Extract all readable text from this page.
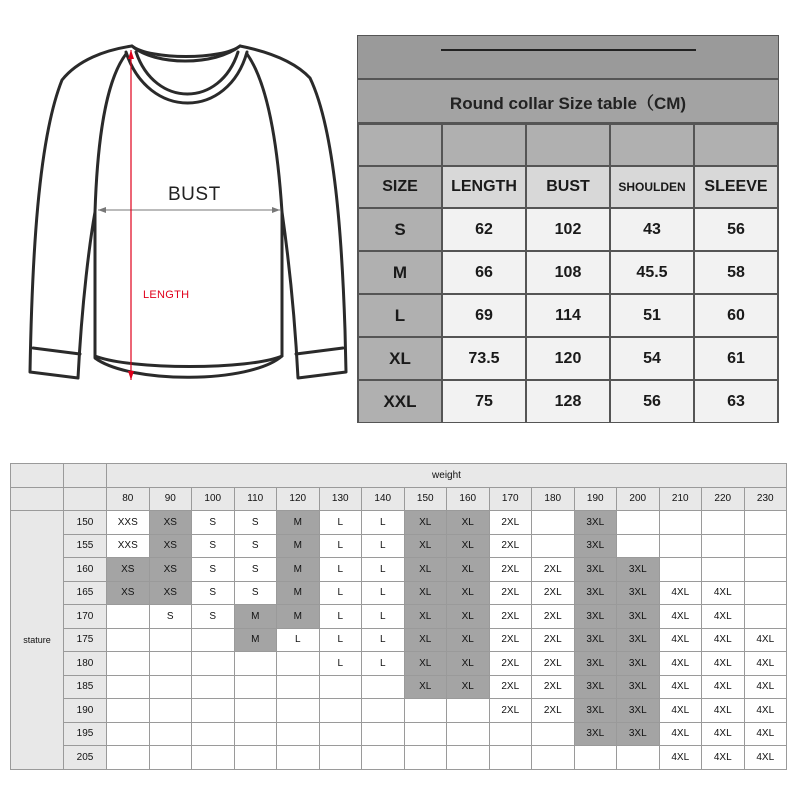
BUST
LENGTH
Round collar Size table（CM)
SIZE	LENGTH	BUST	SHOULDEN	SLEEVE
S	62	102	43	56
M	66	108	45.5	58
L	69	114	51	60
XL	73.5	120	54	61
XXL	75	128	56	63
		weight															
		80	90	100	110	120	130	140	150	160	170	180	190	200	210	220	230
stature	150	XXS	XS	S	S	M	L	L	XL	XL	2XL		3XL				
	155	XXS	XS	S	S	M	L	L	XL	XL	2XL		3XL				
	160	XS	XS	S	S	M	L	L	XL	XL	2XL	2XL	3XL	3XL			
	165	XS	XS	S	S	M	L	L	XL	XL	2XL	2XL	3XL	3XL	4XL	4XL	
	170		S	S	M	M	L	L	XL	XL	2XL	2XL	3XL	3XL	4XL	4XL	
	175				M	L	L	L	XL	XL	2XL	2XL	3XL	3XL	4XL	4XL	4XL
	180						L	L	XL	XL	2XL	2XL	3XL	3XL	4XL	4XL	4XL
	185								XL	XL	2XL	2XL	3XL	3XL	4XL	4XL	4XL
	190										2XL	2XL	3XL	3XL	4XL	4XL	4XL
	195												3XL	3XL	4XL	4XL	4XL
	205														4XL	4XL	4XL
